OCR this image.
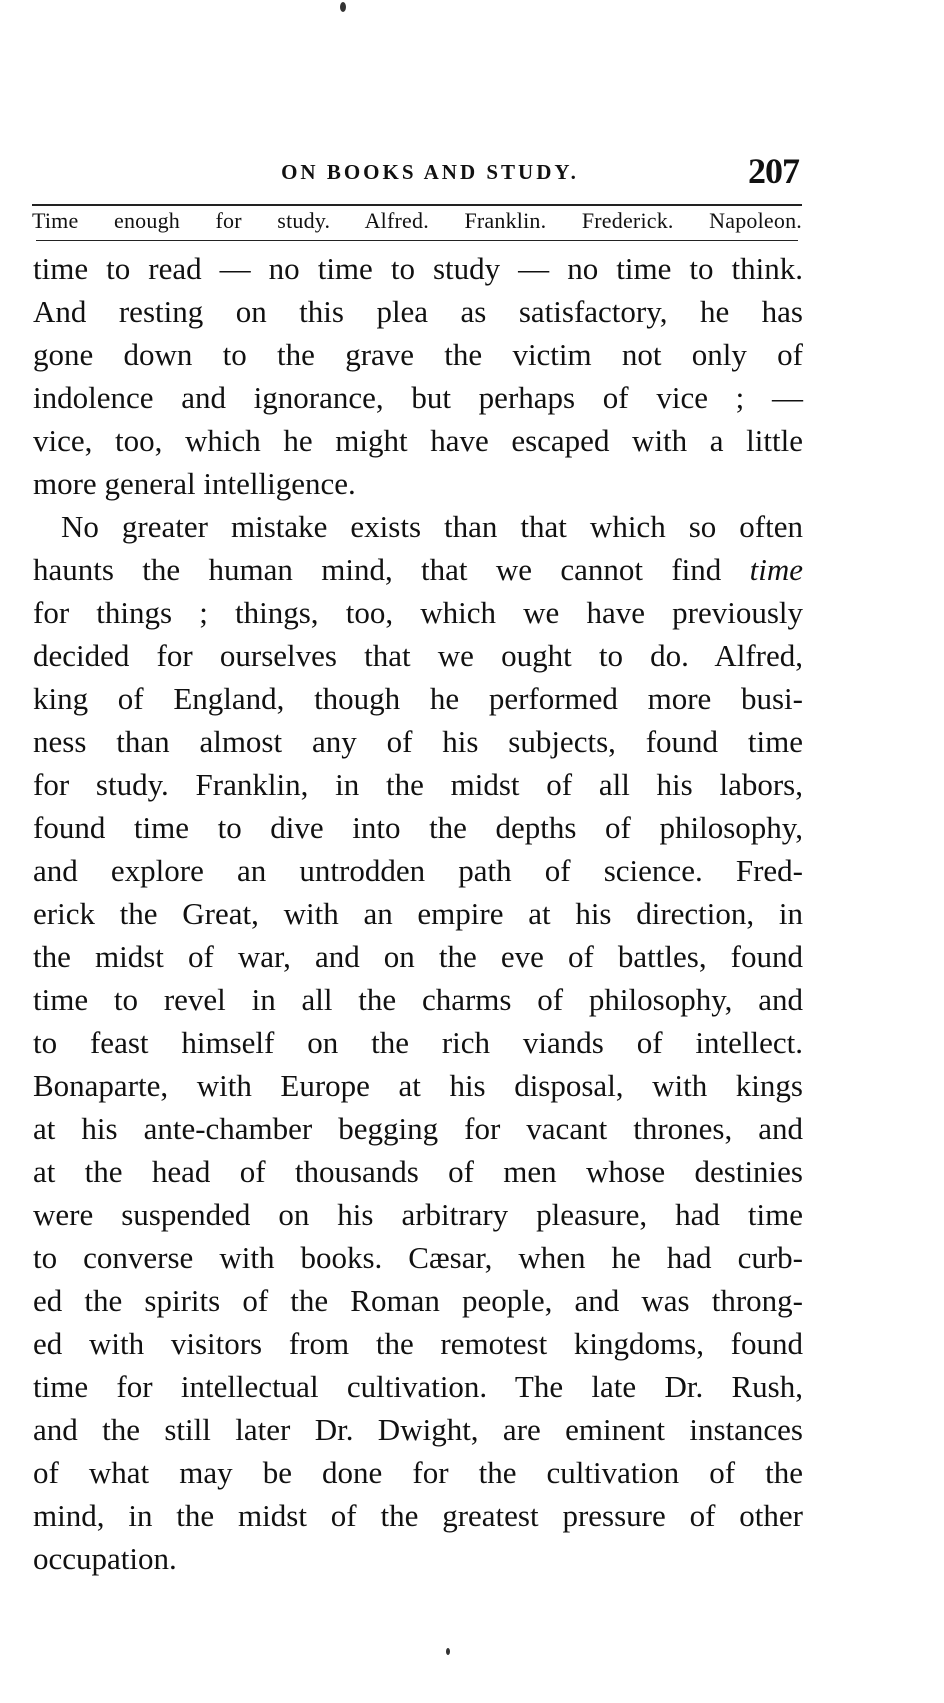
ON BOOKS AND STUDY.	207
Time enough for study. Alfred. Franklin. Frederick. Napoleon.
time to read — no time to study — no time to think.
And resting on this plea as satisfactory, he has
gone down to the grave the victim not only of
indolence and ignorance, but perhaps of vice ; —
vice, too, which he might have escaped with a little
more general intelligence.
No greater mistake exists than that which so often
haunts the human mind, that we cannot find time
for things ; things, too, which we have previously
decided for ourselves that we ought to do. Alfred,
king of England, though he performed more busi-
ness than almost any of his subjects, found time
for study. Franklin, in the midst of all his labors,
found time to dive into the depths of philosophy,
and explore an untrodden path of science. Fred-
erick the Great, with an empire at his direction, in
the midst of war, and on the eve of battles, found
time to revel in all the charms of philosophy, and
to feast himself on the rich viands of intellect.
Bonaparte, with Europe at his disposal, with kings
at his ante-chamber begging for vacant thrones, and
at the head of thousands of men whose destinies
were suspended on his arbitrary pleasure, had time
to converse with books. Cæsar, when he had curb-
ed the spirits of the Roman people, and was throng-
ed with visitors from the remotest kingdoms, found
time for intellectual cultivation. The late Dr. Rush,
and the still later Dr. Dwight, are eminent instances
of what may be done for the cultivation of the
mind, in the midst of the greatest pressure of other
occupation.
